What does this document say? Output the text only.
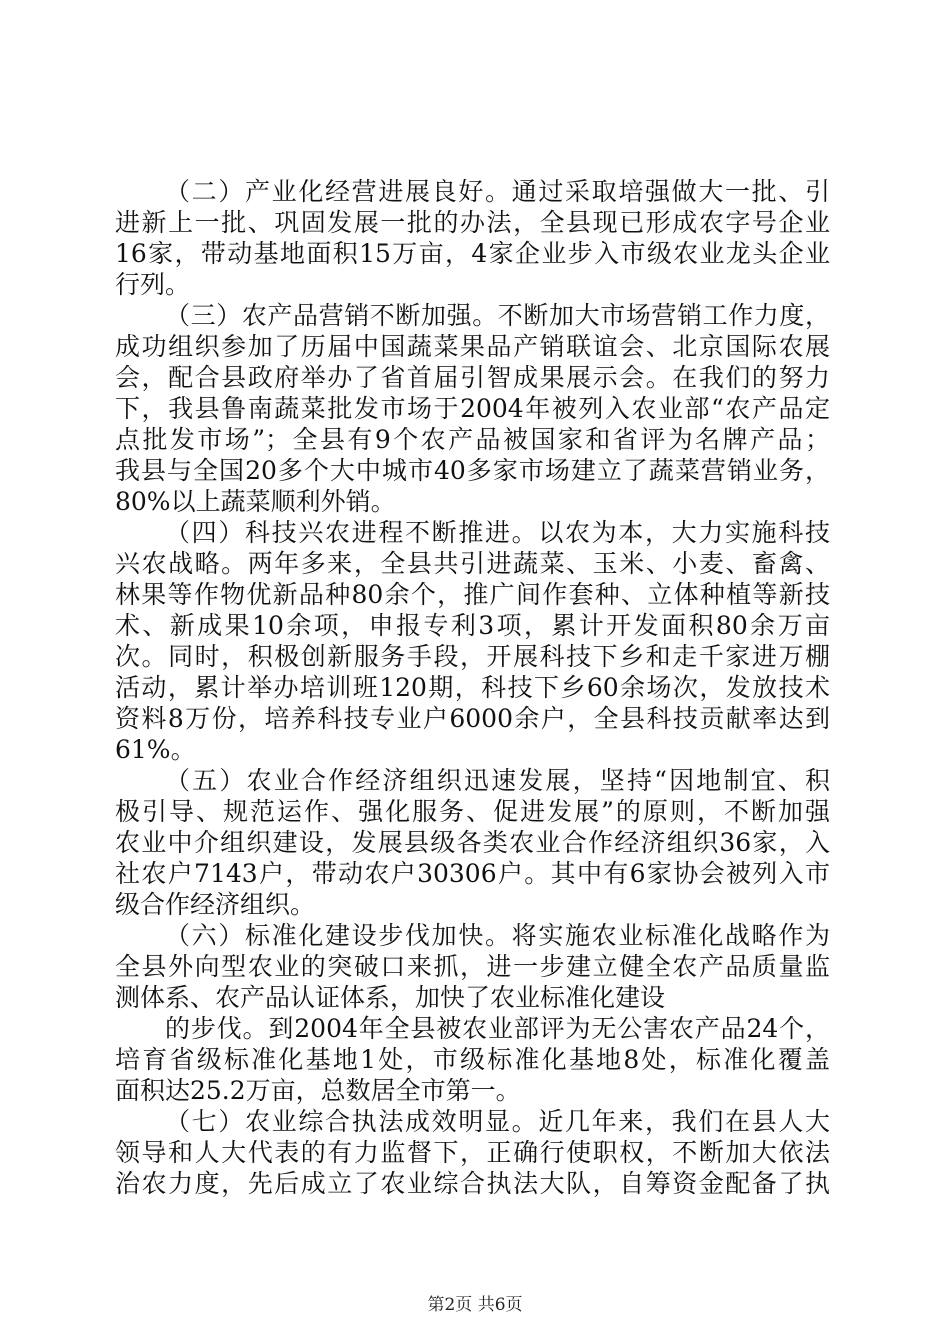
（二）产业化经营进展良好。通过采取培强做大一批、引
进新上一批、巩固发展一批的办法，全县现已形成农字号企业
16家，带动基地面积15万亩，4家企业步入市级农业龙头企业
行列。
（三）农产品营销不断加强。不断加大市场营销工作力度，
成功组织参加了历届中国蔬菜果品产销联谊会、北京国际农展
会，配合县政府举办了省首届引智成果展示会。在我们的努力
下，我县鲁南蔬菜批发市场于2004年被列入农业部“农产品定
点批发市场”；全县有9个农产品被国家和省评为名牌产品；
我县与全国20多个大中城市40多家市场建立了蔬菜营销业务，
80%以上蔬菜顺利外销。
（四）科技兴农进程不断推进。以农为本，大力实施科技
兴农战略。两年多来，全县共引进蔬菜、玉米、小麦、畜禽、
林果等作物优新品种80余个，推广间作套种、立体种植等新技
术、新成果10余项，申报专利3项，累计开发面积80余万亩
次。同时，积极创新服务手段，开展科技下乡和走千家进万棚
活动，累计举办培训班120期，科技下乡60余场次，发放技术
资料8万份，培养科技专业户6000余户，全县科技贡献率达到
61%。
（五）农业合作经济组织迅速发展，坚持“因地制宜、积
极引导、规范运作、强化服务、促进发展”的原则，不断加强
农业中介组织建设，发展县级各类农业合作经济组织36家，入
社农户7143户，带动农户30306户。其中有6家协会被列入市
级合作经济组织。
（六）标准化建设步伐加快。将实施农业标准化战略作为
全县外向型农业的突破口来抓，进一步建立健全农产品质量监
测体系、农产品认证体系，加快了农业标准化建设
的步伐。到2004年全县被农业部评为无公害农产品24个，
培育省级标准化基地1处，市级标准化基地8处，标准化覆盖
面积达25.2万亩，总数居全市第一。
（七）农业综合执法成效明显。近几年来，我们在县人大
领导和人大代表的有力监督下，正确行使职权，不断加大依法
治农力度，先后成立了农业综合执法大队，自筹资金配备了执
第2页 共6页
